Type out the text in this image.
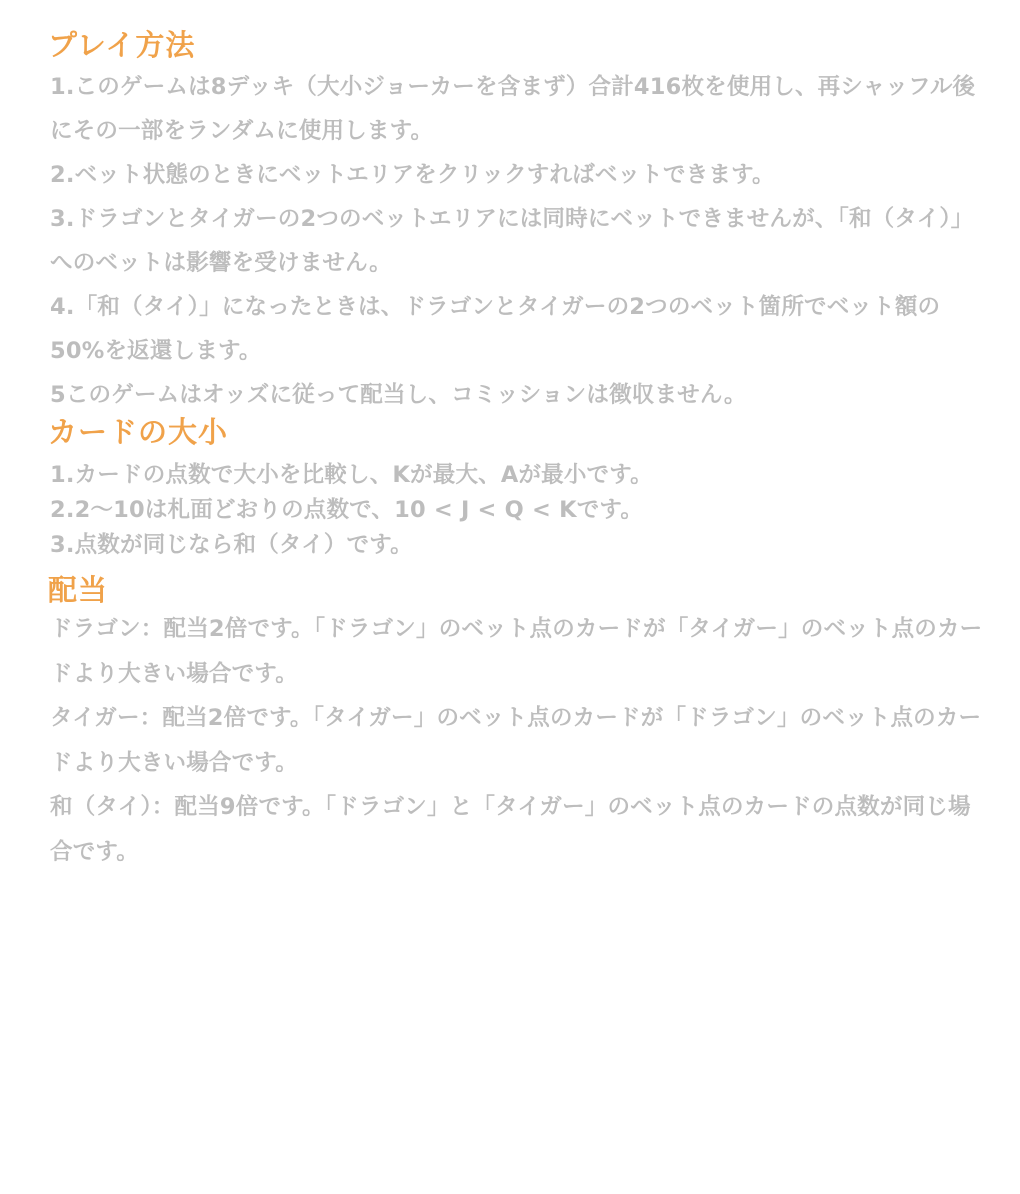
プレイ方法
1.このゲームは8デッキ（大小ジョーカーを含まず）合計416枚を使用し、再シャッフル後にその一部をランダムに使用します。
2.ベット状態のときにベットエリアをクリックすればベットできます。
3.ドラゴンとタイガーの2つのベットエリアには同時にベットできませんが、「和（タイ）」へのベットは影響を受けません。
4.「和（タイ）」になったときは、ドラゴンとタイガーの2つのベット箇所でベット額の50%を返還します。
5このゲームはオッズに従って配当し、コミッションは徴収ません。
カードの大小
1.カードの点数で大小を比較し、Kが最大、Aが最小です。
2.2～10は札面どおりの点数で、10 < J < Q < Kです。
3.点数が同じなら和（タイ）です。
配当
ドラゴン：配当2倍です。「ドラゴン」のベット点のカードが「タイガー」のベット点のカードより大きい場合です。
タイガー：配当2倍です。「タイガー」のベット点のカードが「ドラゴン」のベット点のカードより大きい場合です。
和（タイ）：配当9倍です。「ドラゴン」と「タイガー」のベット点のカードの点数が同じ場合です。
